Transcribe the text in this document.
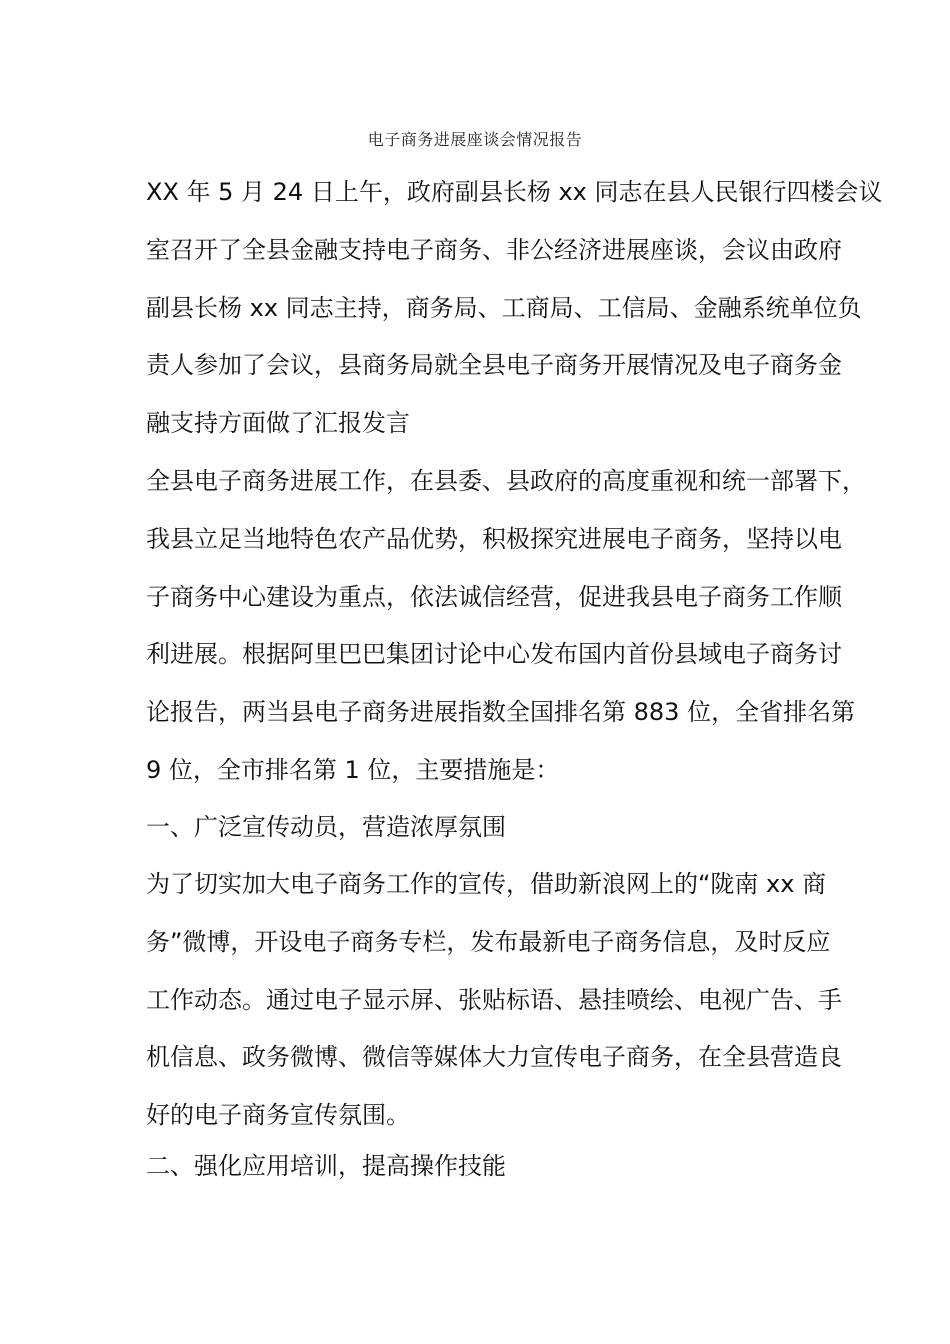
电子商务进展座谈会情况报告
XX 年 5 月 24 日上午，政府副县长杨 xx 同志在县人民银行四楼会议
室召开了全县金融支持电子商务、非公经济进展座谈，会议由政府
副县长杨 xx 同志主持，商务局、工商局、工信局、金融系统单位负
责人参加了会议，县商务局就全县电子商务开展情况及电子商务金
融支持方面做了汇报发言
全县电子商务进展工作，在县委、县政府的高度重视和统一部署下，
我县立足当地特色农产品优势，积极探究进展电子商务，坚持以电
子商务中心建设为重点，依法诚信经营，促进我县电子商务工作顺
利进展。根据阿里巴巴集团讨论中心发布国内首份县域电子商务讨
论报告，两当县电子商务进展指数全国排名第 883 位，全省排名第
9 位，全市排名第 1 位，主要措施是：
一、广泛宣传动员，营造浓厚氛围
为了切实加大电子商务工作的宣传，借助新浪网上的“陇南 xx 商
务”微博，开设电子商务专栏，发布最新电子商务信息，及时反应
工作动态。通过电子显示屏、张贴标语、悬挂喷绘、电视广告、手
机信息、政务微博、微信等媒体大力宣传电子商务，在全县营造良
好的电子商务宣传氛围。
二、强化应用培训，提高操作技能
